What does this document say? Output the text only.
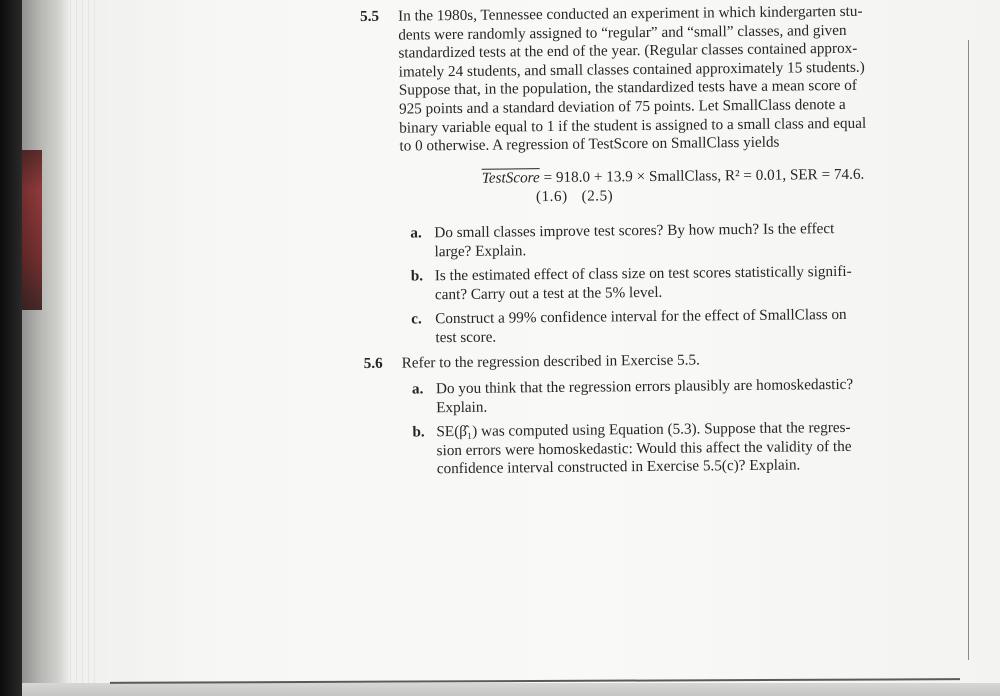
5.5	In the 1980s, Tennessee conducted an experiment in which kindergarten stu-
dents were randomly assigned to “regular” and “small” classes, and given
standardized tests at the end of the year. (Regular classes contained approx-
imately 24 students, and small classes contained approximately 15 students.)
Suppose that, in the population, the standardized tests have a mean score of
925 points and a standard deviation of 75 points. Let SmallClass denote a
binary variable equal to 1 if the student is assigned to a small class and equal
to 0 otherwise. A regression of TestScore on SmallClass yields
TestScore = 918.0 + 13.9 × SmallClass, R² = 0.01, SER = 74.6.
(1.6) (2.5)
a. Do small classes improve test scores? By how much? Is the effect
large? Explain.
b. Is the estimated effect of class size on test scores statistically signifi-
cant? Carry out a test at the 5% level.
c. Construct a 99% confidence interval for the effect of SmallClass on
test score.
5.6	Refer to the regression described in Exercise 5.5.
a. Do you think that the regression errors plausibly are homoskedastic?
Explain.
b. SE(β̂₁) was computed using Equation (5.3). Suppose that the regres-
sion errors were homoskedastic: Would this affect the validity of the
confidence interval constructed in Exercise 5.5(c)? Explain.
